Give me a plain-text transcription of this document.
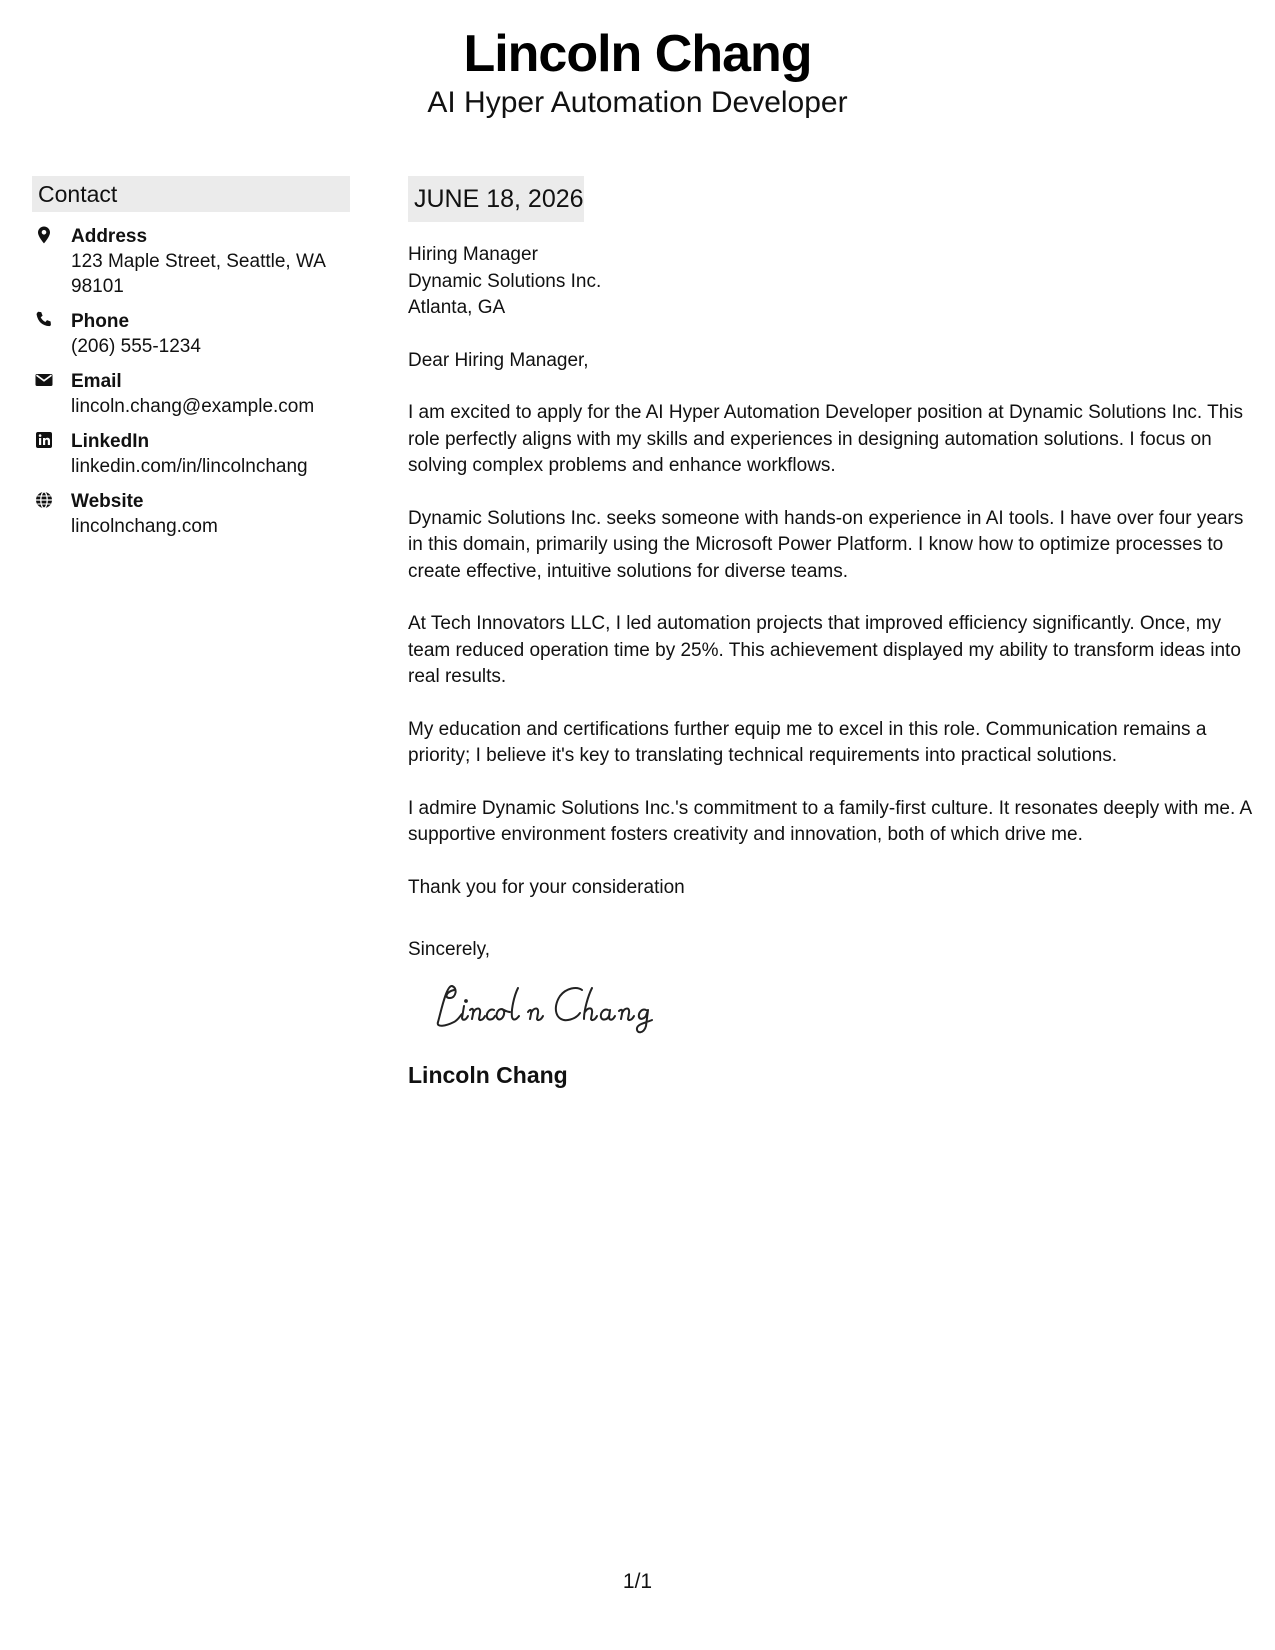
Lincoln Chang
AI Hyper Automation Developer
Contact
Address
123 Maple Street, Seattle, WA 98101
Phone
(206) 555-1234
Email
lincoln.chang@example.com
LinkedIn
linkedin.com/in/lincolnchang
Website
lincolnchang.com
JUNE 18, 2026
Hiring Manager
Dynamic Solutions Inc.
Atlanta, GA

Dear Hiring Manager,

I am excited to apply for the AI Hyper Automation Developer position at Dynamic Solutions Inc. This role perfectly aligns with my skills and experiences in designing automation solutions. I focus on solving complex problems and enhance workflows.

Dynamic Solutions Inc. seeks someone with hands-on experience in AI tools. I have over four years in this domain, primarily using the Microsoft Power Platform. I know how to optimize processes to create effective, intuitive solutions for diverse teams.

At Tech Innovators LLC, I led automation projects that improved efficiency significantly. Once, my team reduced operation time by 25%. This achievement displayed my ability to transform ideas into real results.

My education and certifications further equip me to excel in this role. Communication remains a priority; I believe it's key to translating technical requirements into practical solutions.

I admire Dynamic Solutions Inc.'s commitment to a family-first culture. It resonates deeply with me. A supportive environment fosters creativity and innovation, both of which drive me.

Thank you for your consideration

Sincerely,
Lincoln Chang
1/1
